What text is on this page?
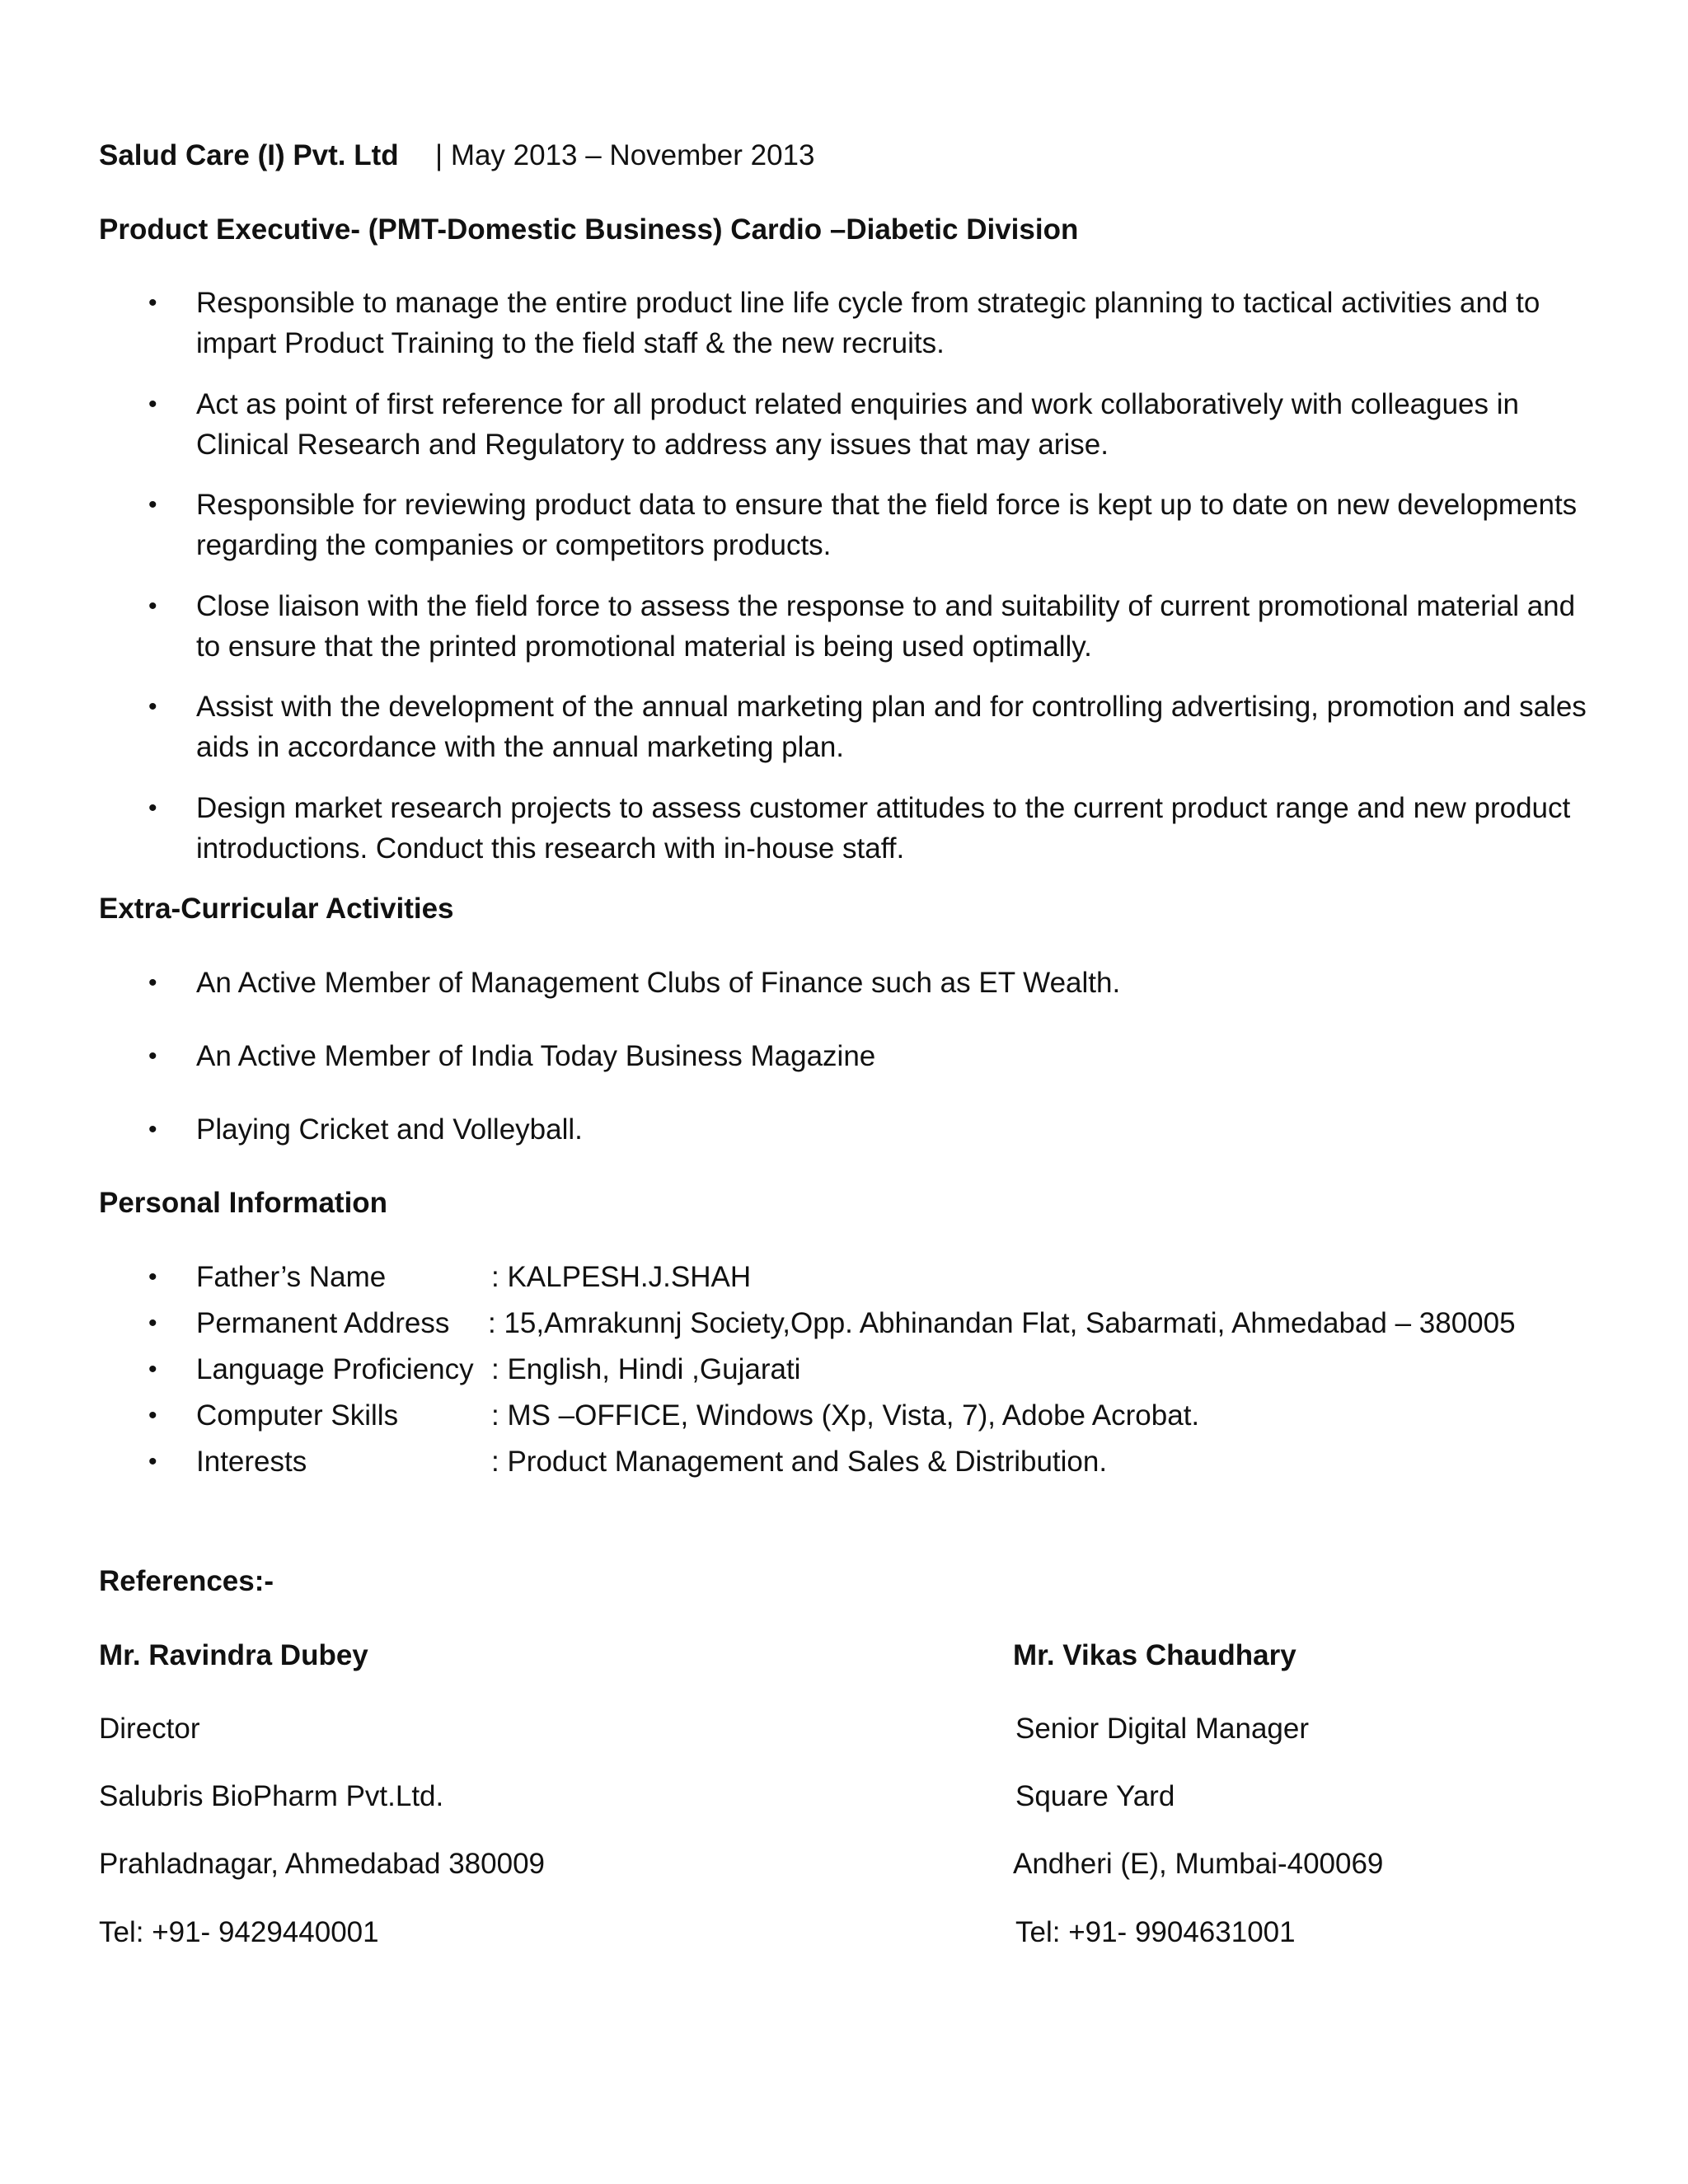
Salud Care (I) Pvt. Ltd | May 2013 – November 2013
Product Executive- (PMT-Domestic Business) Cardio –Diabetic Division
• Responsible to manage the entire product line life cycle from strategic planning to tactical activities and to impart Product Training to the field staff & the new recruits.
• Act as point of first reference for all product related enquiries and work collaboratively with colleagues in Clinical Research and Regulatory to address any issues that may arise.
• Responsible for reviewing product data to ensure that the field force is kept up to date on new developments regarding the companies or competitors products.
• Close liaison with the field force to assess the response to and suitability of current promotional material and to ensure that the printed promotional material is being used optimally.
• Assist with the development of the annual marketing plan and for controlling advertising, promotion and sales aids in accordance with the annual marketing plan.
• Design market research projects to assess customer attitudes to the current product range and new product introductions. Conduct this research with in-house staff.
Extra-Curricular Activities
• An Active Member of Management Clubs of Finance such as ET Wealth.
• An Active Member of India Today Business Magazine
• Playing Cricket and Volleyball.
Personal Information
• Father’s Name	: KALPESH.J.SHAH
• Permanent Address : 15,Amrakunnj Society,Opp. Abhinandan Flat, Sabarmati, Ahmedabad – 380005
• Language Proficiency : English, Hindi ,Gujarati
• Computer Skills	: MS –OFFICE, Windows (Xp, Vista, 7), Adobe Acrobat.
• Interests	: Product Management and Sales & Distribution.
References:-
Mr. Ravindra Dubey
Director
Salubris BioPharm Pvt.Ltd.
Prahladnagar, Ahmedabad 380009
Tel: +91- 9429440001
Mr. Vikas Chaudhary
Senior Digital Manager
Square Yard
Andheri (E), Mumbai-400069
Tel: +91- 9904631001
